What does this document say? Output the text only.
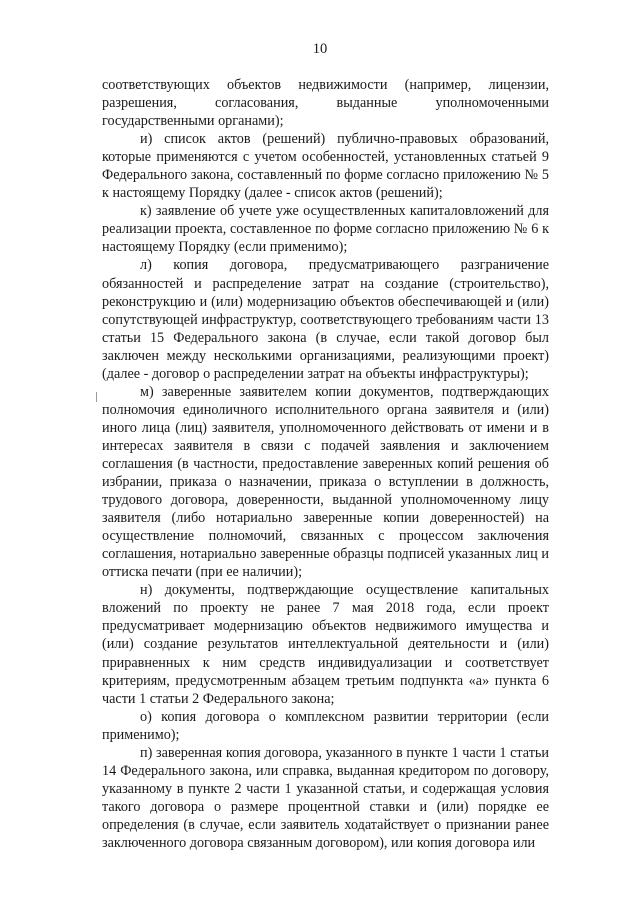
10

соответствующих объектов недвижимости (например, лицензии, разрешения, согласования, выданные уполномоченными государственными органами);

и) список актов (решений) публично-правовых образований, которые применяются с учетом особенностей, установленных статьей 9 Федерального закона, составленный по форме согласно приложению № 5 к настоящему Порядку (далее - список актов (решений);

к) заявление об учете уже осуществленных капиталовложений для реализации проекта, составленное по форме согласно приложению № 6 к настоящему Порядку (если применимо);

л) копия договора, предусматривающего разграничение обязанностей и распределение затрат на создание (строительство), реконструкцию и (или) модернизацию объектов обеспечивающей и (или) сопутствующей инфраструктур, соответствующего требованиям части 13 статьи 15 Федерального закона (в случае, если такой договор был заключен между несколькими организациями, реализующими проект) (далее - договор о распределении затрат на объекты инфраструктуры);

м) заверенные заявителем копии документов, подтверждающих полномочия единоличного исполнительного органа заявителя и (или) иного лица (лиц) заявителя, уполномоченного действовать от имени и в интересах заявителя в связи с подачей заявления и заключением соглашения (в частности, предоставление заверенных копий решения об избрании, приказа о назначении, приказа о вступлении в должность, трудового договора, доверенности, выданной уполномоченному лицу заявителя (либо нотариально заверенные копии доверенностей) на осуществление полномочий, связанных с процессом заключения соглашения, нотариально заверенные образцы подписей указанных лиц и оттиска печати (при ее наличии);

н) документы, подтверждающие осуществление капитальных вложений по проекту не ранее 7 мая 2018 года, если проект предусматривает модернизацию объектов недвижимого имущества и (или) создание результатов интеллектуальной деятельности и (или) приравненных к ним средств индивидуализации и соответствует критериям, предусмотренным абзацем третьим подпункта «а» пункта 6 части 1 статьи 2 Федерального закона;

о) копия договора о комплексном развитии территории (если применимо);

п) заверенная копия договора, указанного в пункте 1 части 1 статьи 14 Федерального закона, или справка, выданная кредитором по договору, указанному в пункте 2 части 1 указанной статьи, и содержащая условия такого договора о размере процентной ставки и (или) порядке ее определения (в случае, если заявитель ходатайствует о признании ранее заключенного договора связанным договором), или копия договора или
